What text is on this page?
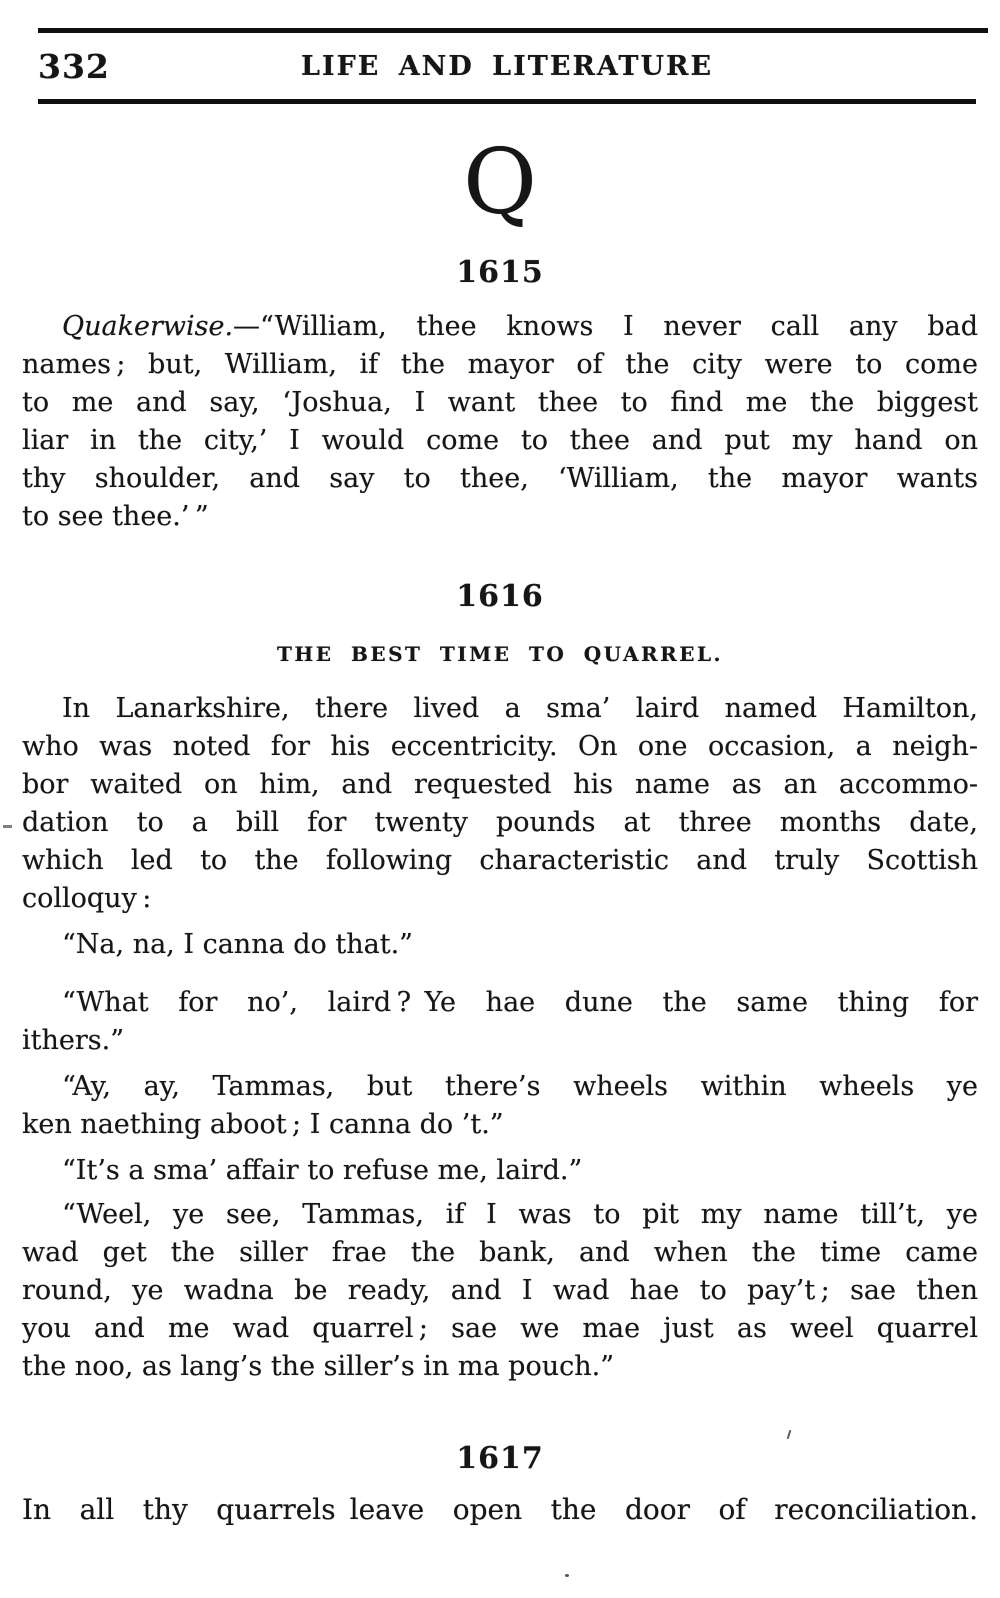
332	LIFE AND LITERATURE
Q
1615
Quakerwise.—“William, thee knows I never call any bad
names ; but, William, if the mayor of the city were to come
to me and say, ‘Joshua, I want thee to find me the biggest
liar in the city,’ I would come to thee and put my hand on
thy shoulder, and say to thee, ‘William, the mayor wants
to see thee.’ ”
1616
THE BEST TIME TO QUARREL.
In Lanarkshire, there lived a sma’ laird named Hamilton,
who was noted for his eccentricity. On one occasion, a neigh-
bor waited on him, and requested his name as an accommo-
dation to a bill for twenty pounds at three months date,
which led to the following characteristic and truly Scottish
colloquy :
“Na, na, I canna do that.”
“What for no’, laird ? Ye hae dune the same thing for
ithers.”
“Ay, ay, Tammas, but there’s wheels within wheels ye
ken naething aboot ; I canna do ’t.”
“It’s a sma’ affair to refuse me, laird.”
“Weel, ye see, Tammas, if I was to pit my name till’t, ye
wad get the siller frae the bank, and when the time came
round, ye wadna be ready, and I wad hae to pay’t ; sae then
you and me wad quarrel ; sae we mae just as weel quarrel
the noo, as lang’s the siller’s in ma pouch.”
1617
In all thy quarrels leave open the door of reconciliation.
